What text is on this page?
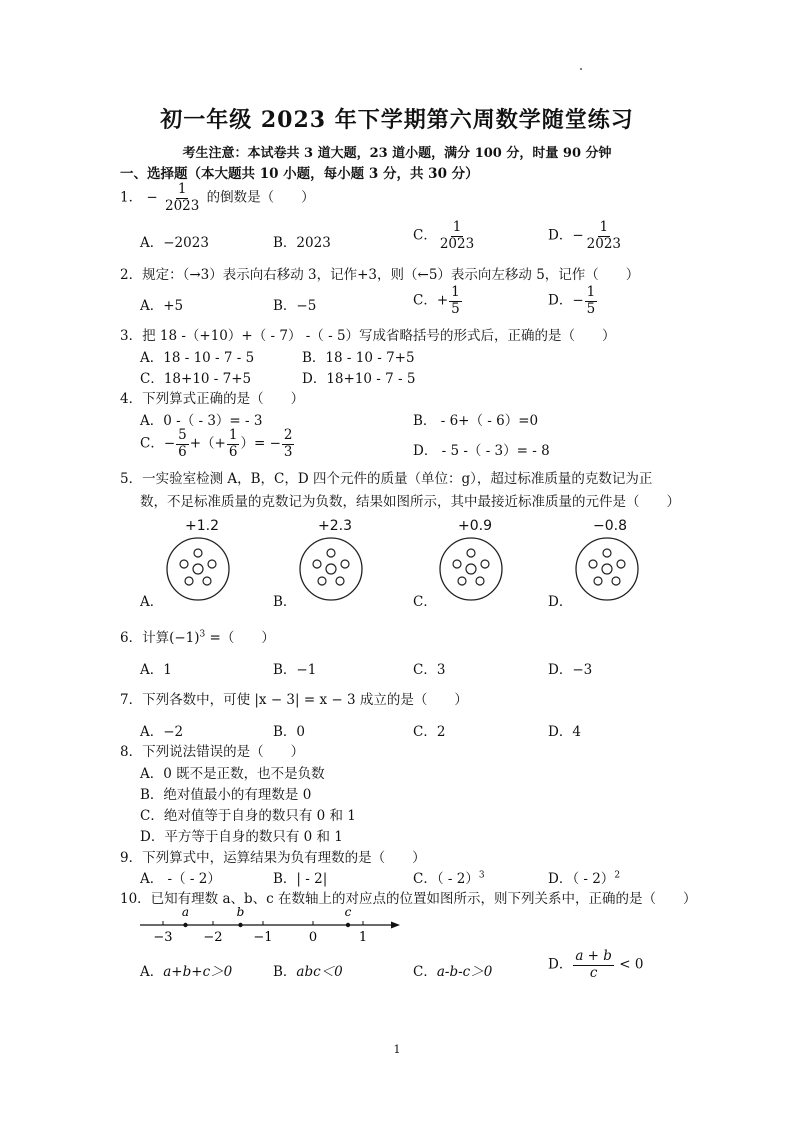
初一年级 2023 年下学期第六周数学随堂练习
考生注意：本试卷共 3 道大题，23 道小题，满分 100 分，时量 90 分钟
一、选择题（本大题共 10 小题，每小题 3 分，共 30 分）
1． − $\frac{1}{2023}$ 的倒数是（　　）
A．−2023	B．2023	C． $\frac{1}{2023}$	D．− $\frac{1}{2023}$
2．规定：（→3）表示向右移动 3，记作+3，则（←5）表示向左移动 5，记作（　　）
A．+5	B．−5	C．+ $\frac{1}{5}$	D．− $\frac{1}{5}$
3．把 18 -（+10）+（ - 7） -（ - 5）写成省略括号的形式后，正确的是（　　）
A．18 - 10 - 7 - 5	B．18 - 10 - 7+5
C．18+10 - 7+5	D．18+10 - 7 - 5
4．下列算式正确的是（　　）
A．0 -（ - 3）= - 3	B． - 6+（ - 6）=0
C．− $\frac{5}{6}$ +（+ $\frac{1}{6}$ ）= − $\frac{2}{3}$	D． - 5 -（ - 3）= - 8
5．一实验室检测 A，B，C，D 四个元件的质量（单位：g），超过标准质量的克数记为正
数，不足标准质量的克数记为负数，结果如图所示，其中最接近标准质量的元件是（　　）
+1.2	+2.3	+0.9	−0.8
A．	B．	C．	D．
6．计算$(-1)^3$ =（　　）
A．1	B．−1	C．3	D．−3
7．下列各数中，可使 |x − 3| = x − 3 成立的是（　　）
A．−2	B．0	C．2	D．4
8．下列说法错误的是（　　）
A．0 既不是正数，也不是负数
B．绝对值最小的有理数是 0
C．绝对值等于自身的数只有 0 和 1
D．平方等于自身的数只有 0 和 1
9．下列算式中，运算结果为负有理数的是（　　）
A． -（ - 2）	B．| - 2|	C．（ - 2）$^3$	D．（ - 2）$^2$
10．已知有理数 a、b、c 在数轴上的对应点的位置如图所示，则下列关系中，正确的是（　　）
−3 −2 −1	0	1
a	b	c
A．a+b+c＞0	B．abc＜0	C．a-b-c＞0	D． $\frac{a + b}{c} < 0$
1
